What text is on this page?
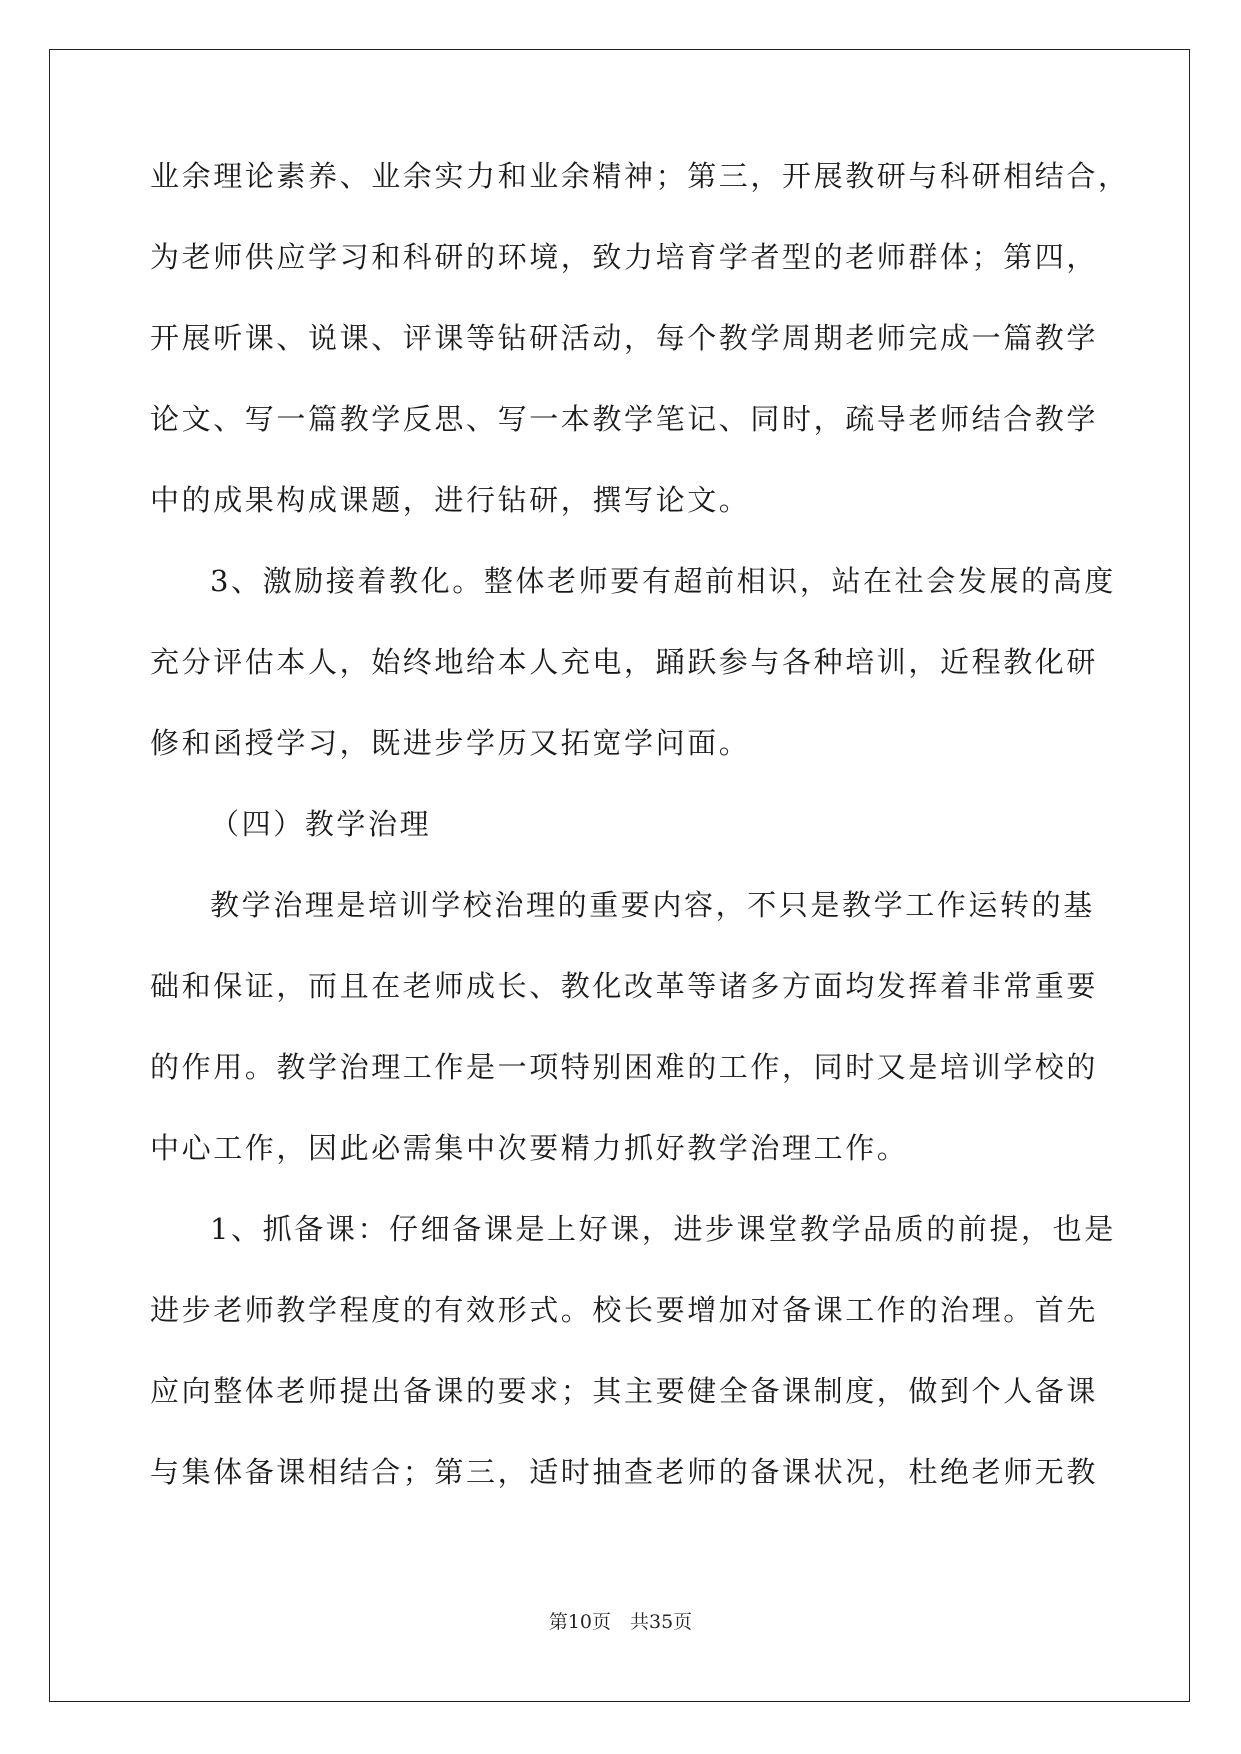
业余理论素养、业余实力和业余精神；第三，开展教研与科研相结合，
为老师供应学习和科研的环境，致力培育学者型的老师群体；第四，
开展听课、说课、评课等钻研活动，每个教学周期老师完成一篇教学
论文、写一篇教学反思、写一本教学笔记、同时，疏导老师结合教学
中的成果构成课题，进行钻研，撰写论文。
3、激励接着教化。整体老师要有超前相识，站在社会发展的高度
充分评估本人，始终地给本人充电，踊跃参与各种培训，近程教化研
修和函授学习，既进步学历又拓宽学问面。
（四）教学治理
教学治理是培训学校治理的重要内容，不只是教学工作运转的基
础和保证，而且在老师成长、教化改革等诸多方面均发挥着非常重要
的作用。教学治理工作是一项特别困难的工作，同时又是培训学校的
中心工作，因此必需集中次要精力抓好教学治理工作。
1、抓备课：仔细备课是上好课，进步课堂教学品质的前提，也是
进步老师教学程度的有效形式。校长要增加对备课工作的治理。首先
应向整体老师提出备课的要求；其主要健全备课制度，做到个人备课
与集体备课相结合；第三，适时抽查老师的备课状况，杜绝老师无教
第10页　共35页
